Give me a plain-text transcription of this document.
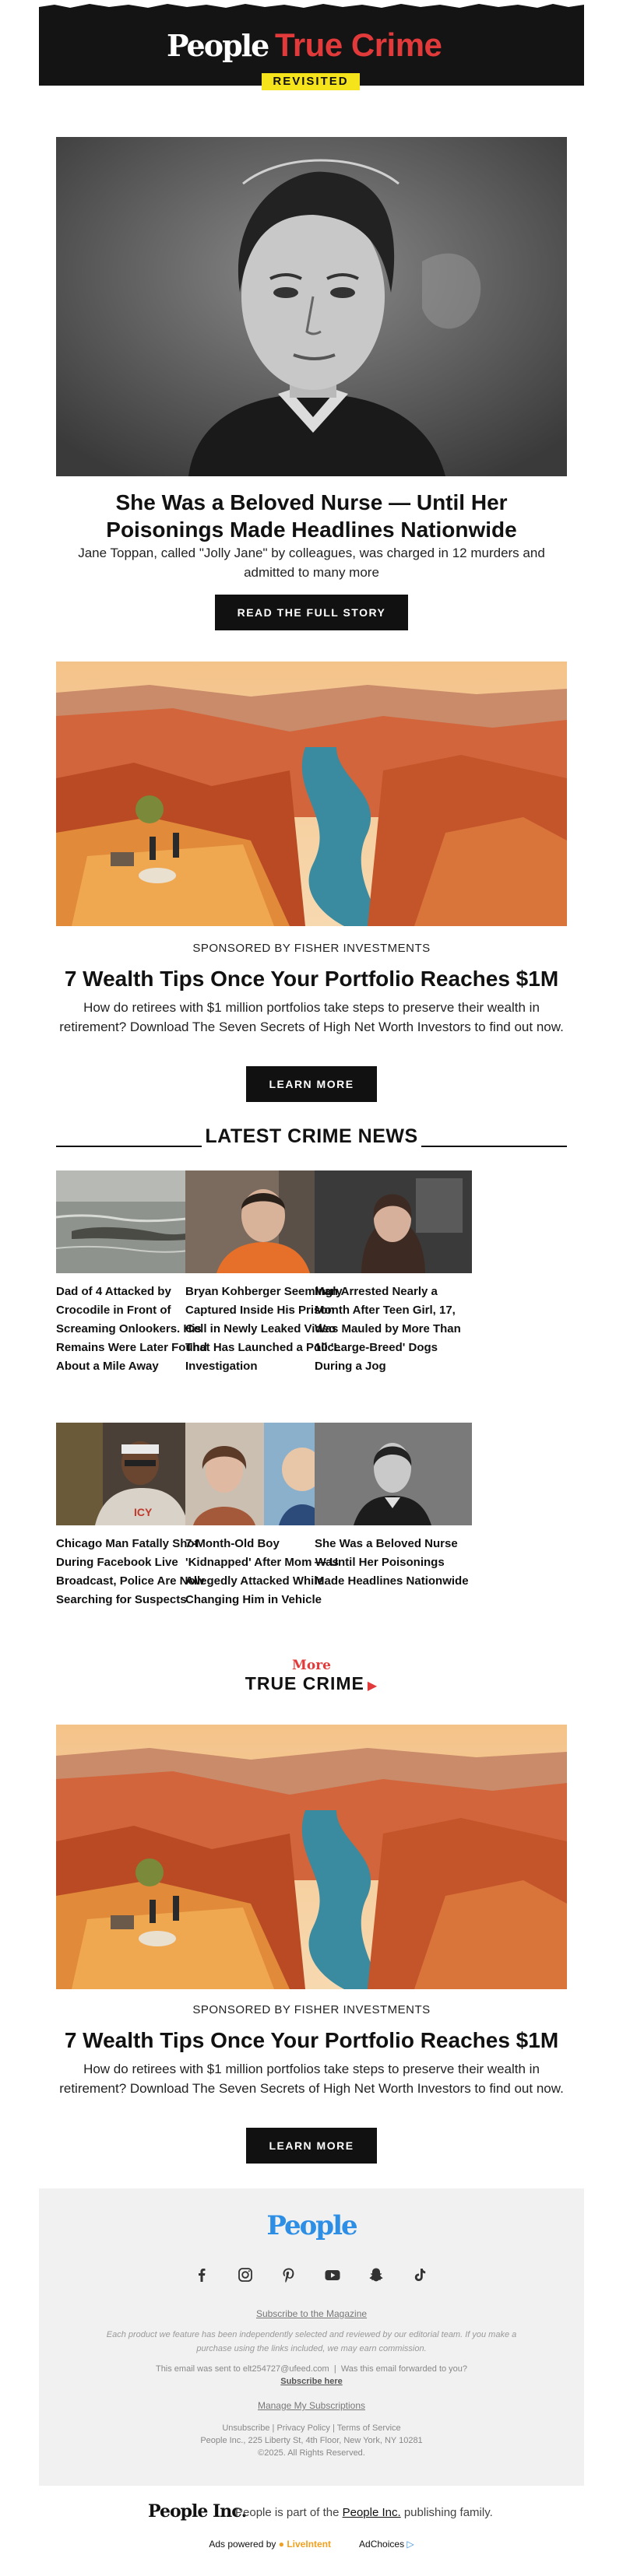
People True Crime
REVISITED
She Was a Beloved Nurse — Until Her Poisonings Made Headlines Nationwide
Jane Toppan, called "Jolly Jane" by colleagues, was charged in 12 murders and admitted to many more
READ THE FULL STORY
SPONSORED BY FISHER INVESTMENTS
7 Wealth Tips Once Your Portfolio Reaches $1M
How do retirees with $1 million portfolios take steps to preserve their wealth in retirement? Download The Seven Secrets of High Net Worth Investors to find out now.
LEARN MORE
LATEST CRIME NEWS
Dad of 4 Attacked by Crocodile in Front of Screaming Onlookers. His Remains Were Later Found About a Mile Away
Bryan Kohberger Seemingly Captured Inside His Prison Cell in Newly Leaked Video That Has Launched a Police Investigation
Man Arrested Nearly a Month After Teen Girl, 17, Was Mauled by More Than 10 'Large-Breed' Dogs During a Jog
ICY
Chicago Man Fatally Shot During Facebook Live Broadcast, Police Are Now Searching for Suspects
7-Month-Old Boy 'Kidnapped' After Mom Was Allegedly Attacked While Changing Him in Vehicle
She Was a Beloved Nurse — Until Her Poisonings Made Headlines Nationwide
More
TRUE CRIME ▶
SPONSORED BY FISHER INVESTMENTS
7 Wealth Tips Once Your Portfolio Reaches $1M
How do retirees with $1 million portfolios take steps to preserve their wealth in retirement? Download The Seven Secrets of High Net Worth Investors to find out now.
LEARN MORE
People
Subscribe to the Magazine
Each product we feature has been independently selected and reviewed by our editorial team. If you make a purchase using the links included, we may earn commission.
This email was sent to elt254727@ufeed.com  |  Was this email forwarded to you?
Subscribe here
Manage My Subscriptions
Unsubscribe | Privacy Policy | Terms of Service
People Inc., 225 Liberty St, 4th Floor, New York, NY 10281
©2025. All Rights Reserved.
People Inc.
People is part of the People Inc. publishing family.
Ads powered by ● LiveIntent	AdChoices ▷
